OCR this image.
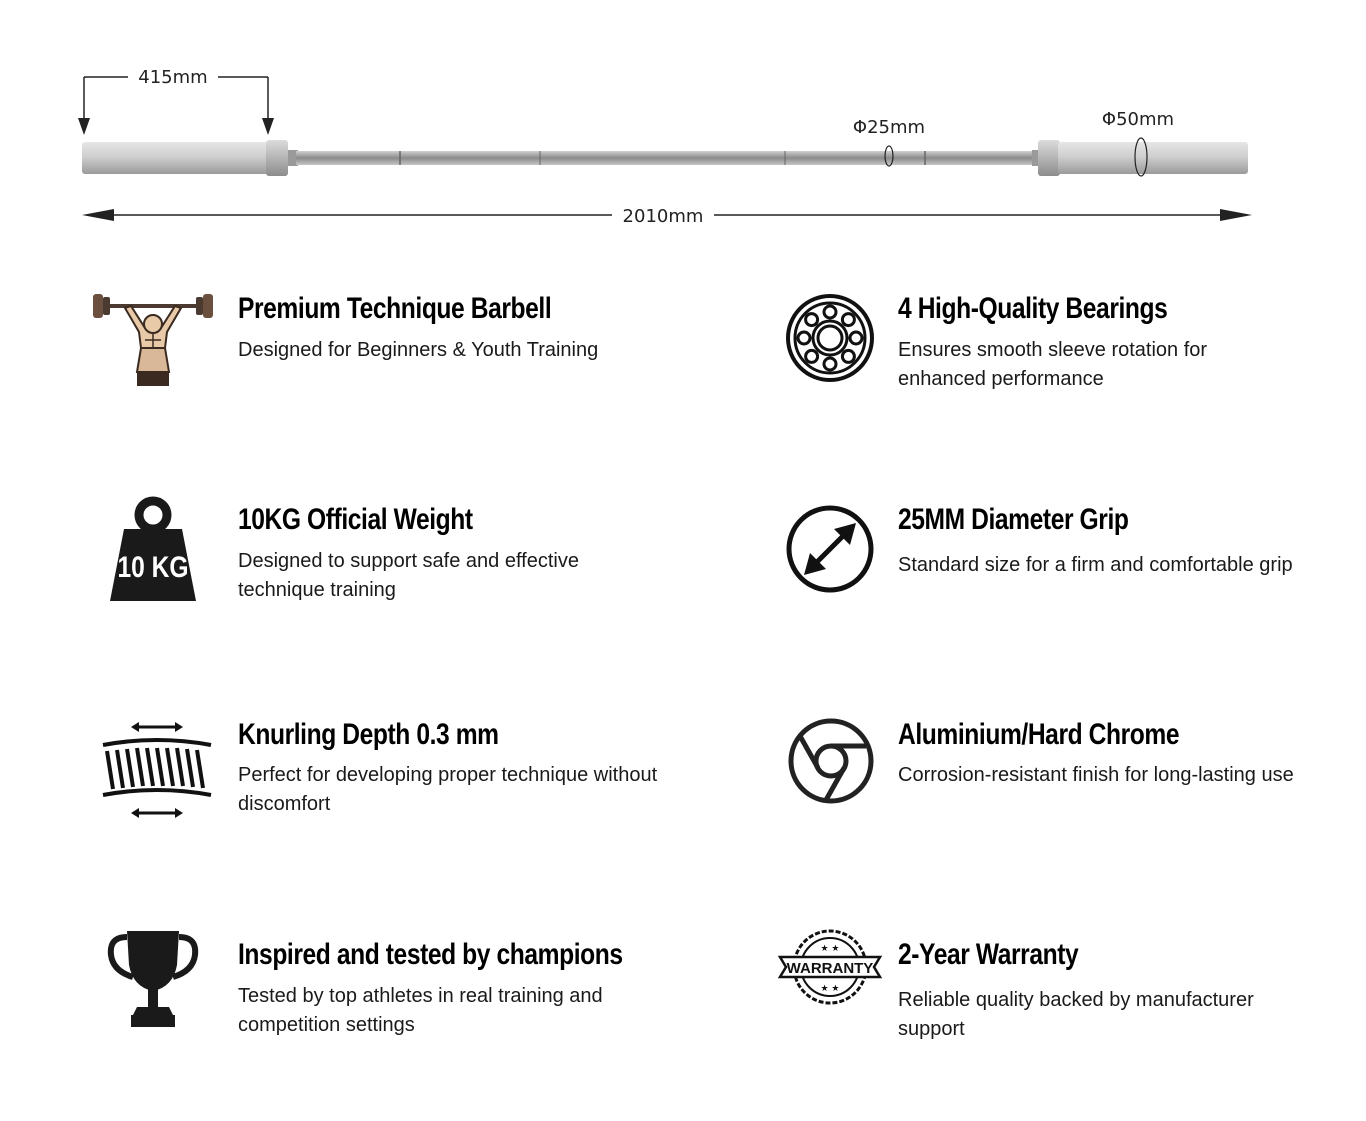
415mm
Φ25mm	Φ50mm
2010mm
Premium Technique Barbell
Designed for Beginners & Youth Training
4 High-Quality Bearings
Ensures smooth sleeve rotation for enhanced performance
10 KG
10KG Official Weight
Designed to support safe and effective technique training
25MM Diameter Grip
Standard size for a firm and comfortable grip
Knurling Depth 0.3 mm
Perfect for developing proper technique without discomfort
Aluminium/Hard Chrome
Corrosion-resistant finish for long-lasting use
Inspired and tested by champions
Tested by top athletes in real training and competition settings
WARRANTY
★ ★
★ ★
2-Year Warranty
Reliable quality backed by manufacturer support
